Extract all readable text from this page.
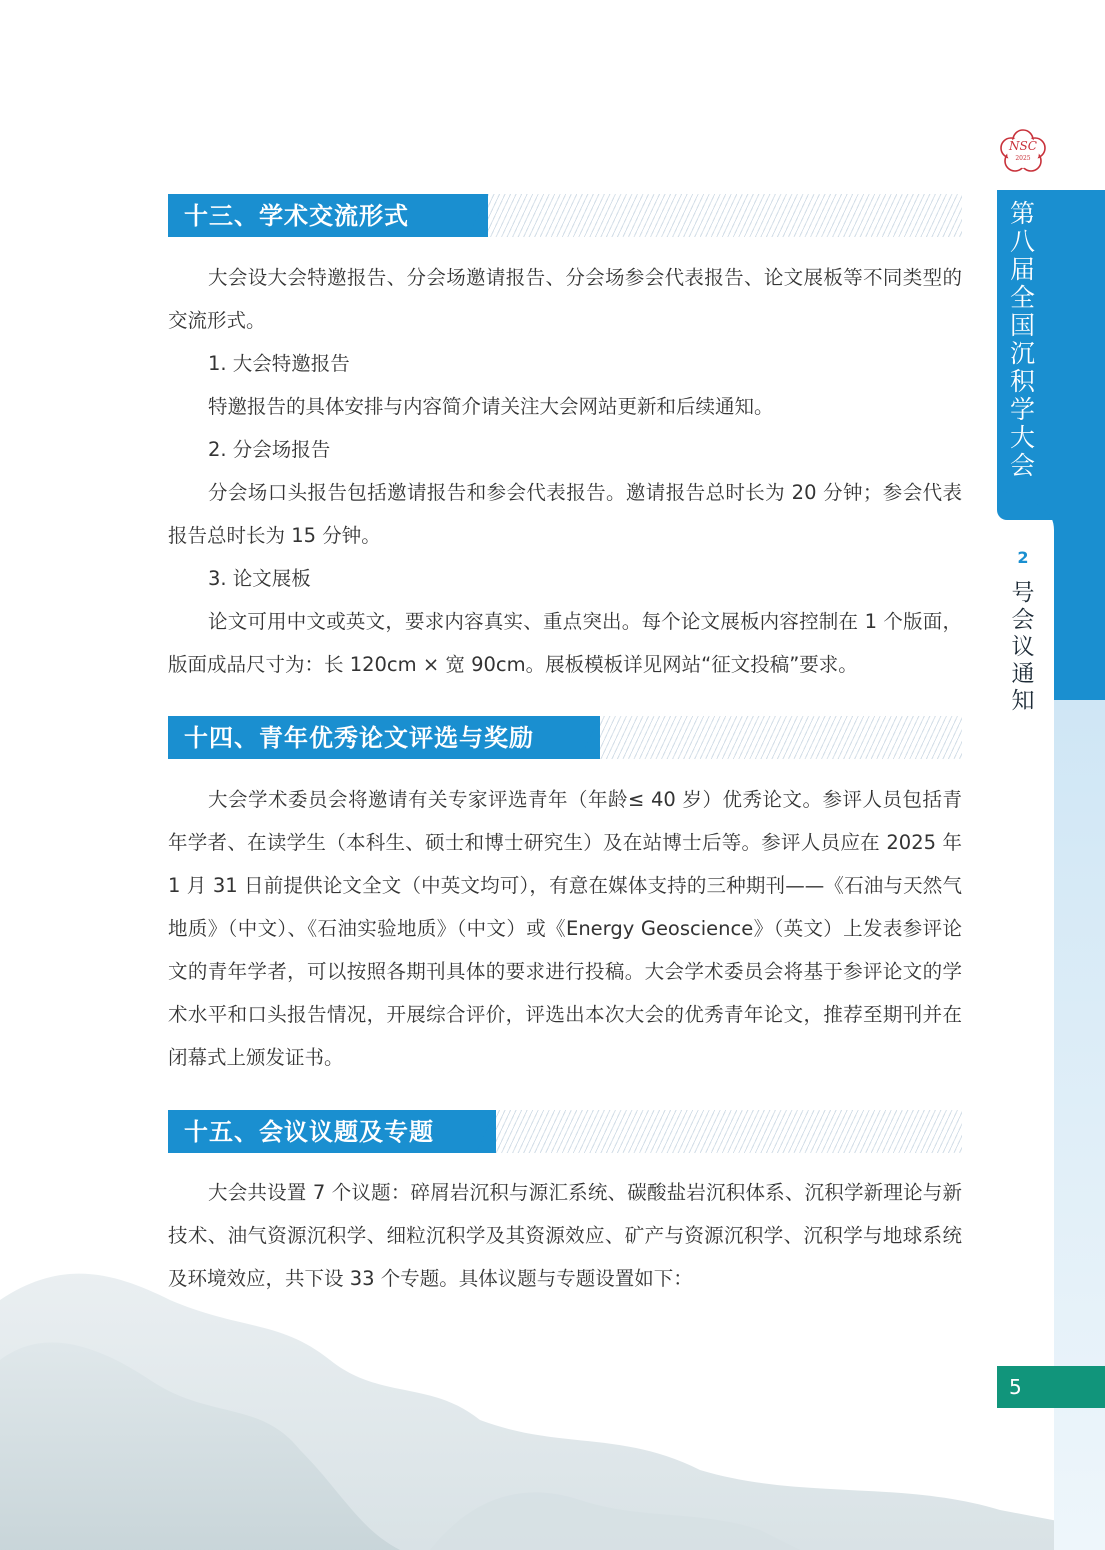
NSC
2025
第
八
届
全
国
沉
积
学
大
会
2
号
会
议
通
知
5
十三、学术交流形式
大会设大会特邀报告、分会场邀请报告、分会场参会代表报告、论文展板等不同类型的交流形式。
1. 大会特邀报告
特邀报告的具体安排与内容简介请关注大会网站更新和后续通知。
2. 分会场报告
分会场口头报告包括邀请报告和参会代表报告。邀请报告总时长为 20 分钟；参会代表报告总时长为 15 分钟。
3. 论文展板
论文可用中文或英文，要求内容真实、重点突出。每个论文展板内容控制在 1 个版面，版面成品尺寸为：长 120cm × 宽 90cm。展板模板详见网站“征文投稿”要求。
十四、青年优秀论文评选与奖励
大会学术委员会将邀请有关专家评选青年（年龄≤ 40 岁）优秀论文。参评人员包括青年学者、在读学生（本科生、硕士和博士研究生）及在站博士后等。参评人员应在 2025 年 1 月 31 日前提供论文全文（中英文均可），有意在媒体支持的三种期刊——《石油与天然气地质》（中文）、《石油实验地质》（中文）或《Energy Geoscience》（英文）上发表参评论文的青年学者，可以按照各期刊具体的要求进行投稿。大会学术委员会将基于参评论文的学术水平和口头报告情况，开展综合评价，评选出本次大会的优秀青年论文，推荐至期刊并在闭幕式上颁发证书。
十五、会议议题及专题
大会共设置 7 个议题：碎屑岩沉积与源汇系统、碳酸盐岩沉积体系、沉积学新理论与新技术、油气资源沉积学、细粒沉积学及其资源效应、矿产与资源沉积学、沉积学与地球系统及环境效应，共下设 33 个专题。具体议题与专题设置如下：
